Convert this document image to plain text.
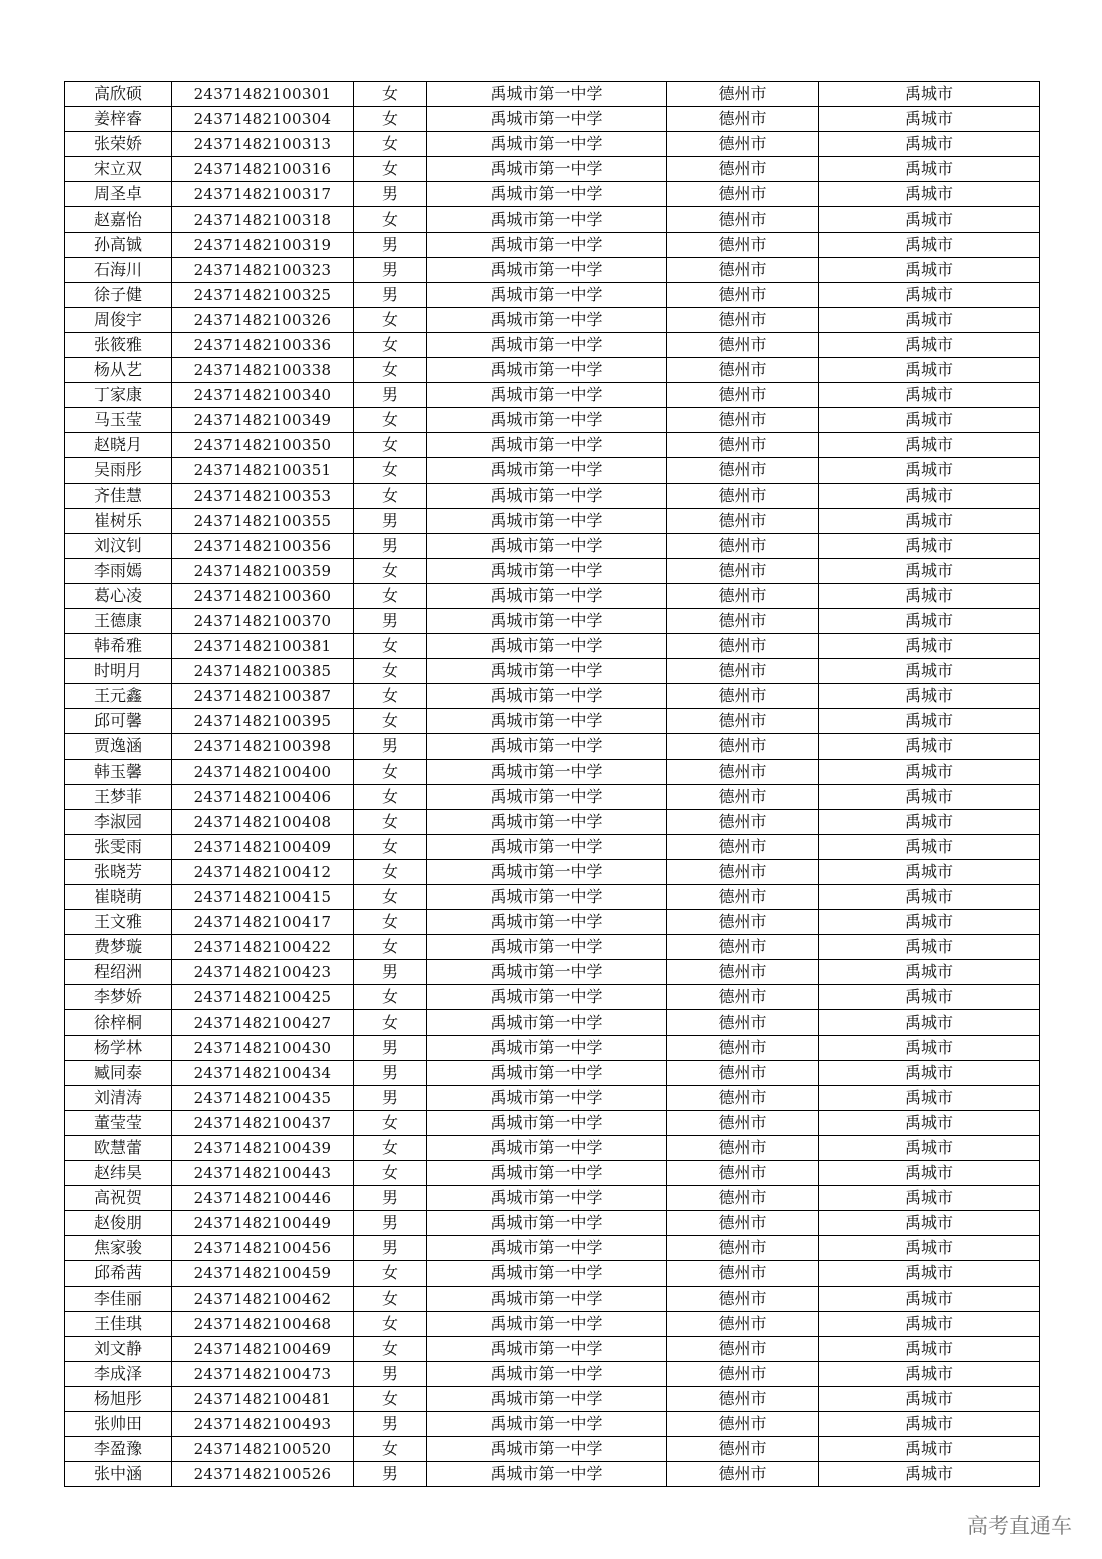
高欣硕	24371482100301	女	禹城市第一中学	德州市	禹城市
姜梓睿	24371482100304	女	禹城市第一中学	德州市	禹城市
张荣娇	24371482100313	女	禹城市第一中学	德州市	禹城市
宋立双	24371482100316	女	禹城市第一中学	德州市	禹城市
周圣卓	24371482100317	男	禹城市第一中学	德州市	禹城市
赵嘉怡	24371482100318	女	禹城市第一中学	德州市	禹城市
孙高铖	24371482100319	男	禹城市第一中学	德州市	禹城市
石海川	24371482100323	男	禹城市第一中学	德州市	禹城市
徐子健	24371482100325	男	禹城市第一中学	德州市	禹城市
周俊宇	24371482100326	女	禹城市第一中学	德州市	禹城市
张筱雅	24371482100336	女	禹城市第一中学	德州市	禹城市
杨从艺	24371482100338	女	禹城市第一中学	德州市	禹城市
丁家康	24371482100340	男	禹城市第一中学	德州市	禹城市
马玉莹	24371482100349	女	禹城市第一中学	德州市	禹城市
赵晓月	24371482100350	女	禹城市第一中学	德州市	禹城市
吴雨彤	24371482100351	女	禹城市第一中学	德州市	禹城市
齐佳慧	24371482100353	女	禹城市第一中学	德州市	禹城市
崔树乐	24371482100355	男	禹城市第一中学	德州市	禹城市
刘汶钊	24371482100356	男	禹城市第一中学	德州市	禹城市
李雨嫣	24371482100359	女	禹城市第一中学	德州市	禹城市
葛心凌	24371482100360	女	禹城市第一中学	德州市	禹城市
王德康	24371482100370	男	禹城市第一中学	德州市	禹城市
韩希雅	24371482100381	女	禹城市第一中学	德州市	禹城市
时明月	24371482100385	女	禹城市第一中学	德州市	禹城市
王元鑫	24371482100387	女	禹城市第一中学	德州市	禹城市
邱可馨	24371482100395	女	禹城市第一中学	德州市	禹城市
贾逸涵	24371482100398	男	禹城市第一中学	德州市	禹城市
韩玉馨	24371482100400	女	禹城市第一中学	德州市	禹城市
王梦菲	24371482100406	女	禹城市第一中学	德州市	禹城市
李淑园	24371482100408	女	禹城市第一中学	德州市	禹城市
张雯雨	24371482100409	女	禹城市第一中学	德州市	禹城市
张晓芳	24371482100412	女	禹城市第一中学	德州市	禹城市
崔晓萌	24371482100415	女	禹城市第一中学	德州市	禹城市
王文雅	24371482100417	女	禹城市第一中学	德州市	禹城市
费梦璇	24371482100422	女	禹城市第一中学	德州市	禹城市
程绍洲	24371482100423	男	禹城市第一中学	德州市	禹城市
李梦娇	24371482100425	女	禹城市第一中学	德州市	禹城市
徐梓桐	24371482100427	女	禹城市第一中学	德州市	禹城市
杨学林	24371482100430	男	禹城市第一中学	德州市	禹城市
臧同泰	24371482100434	男	禹城市第一中学	德州市	禹城市
刘清涛	24371482100435	男	禹城市第一中学	德州市	禹城市
董莹莹	24371482100437	女	禹城市第一中学	德州市	禹城市
欧慧蕾	24371482100439	女	禹城市第一中学	德州市	禹城市
赵纬昊	24371482100443	女	禹城市第一中学	德州市	禹城市
高祝贺	24371482100446	男	禹城市第一中学	德州市	禹城市
赵俊朋	24371482100449	男	禹城市第一中学	德州市	禹城市
焦家骏	24371482100456	男	禹城市第一中学	德州市	禹城市
邱希茜	24371482100459	女	禹城市第一中学	德州市	禹城市
李佳丽	24371482100462	女	禹城市第一中学	德州市	禹城市
王佳琪	24371482100468	女	禹城市第一中学	德州市	禹城市
刘文静	24371482100469	女	禹城市第一中学	德州市	禹城市
李成泽	24371482100473	男	禹城市第一中学	德州市	禹城市
杨旭彤	24371482100481	女	禹城市第一中学	德州市	禹城市
张帅田	24371482100493	男	禹城市第一中学	德州市	禹城市
李盈豫	24371482100520	女	禹城市第一中学	德州市	禹城市
张中涵	24371482100526	男	禹城市第一中学	德州市	禹城市
高考直通车
